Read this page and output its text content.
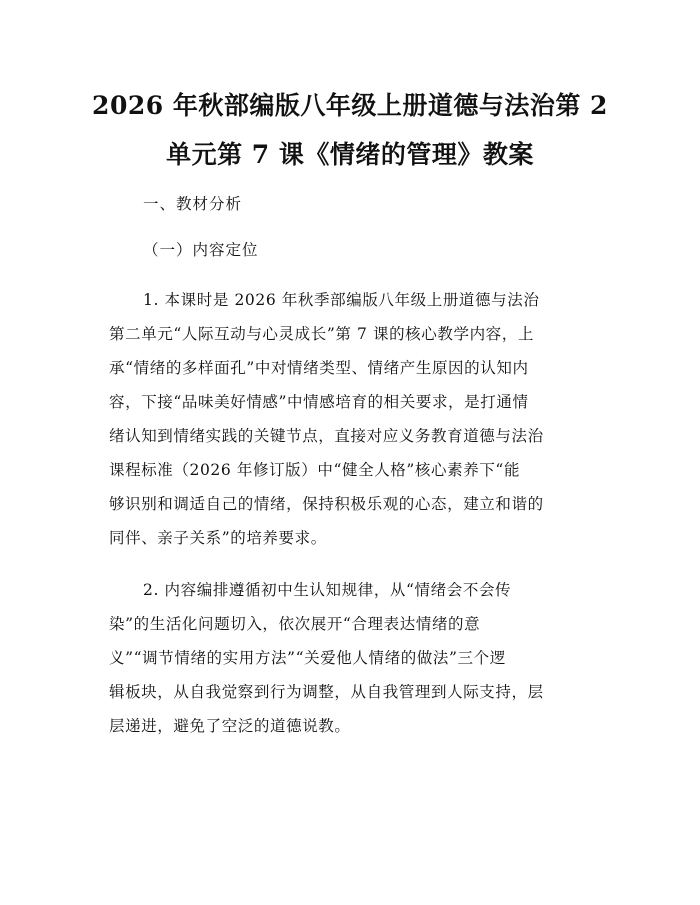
2026 年秋部编版八年级上册道德与法治第 2
单元第 7 课《情绪的管理》教案
一、教材分析
（一）内容定位
1. 本课时是 2026 年秋季部编版八年级上册道德与法治
第二单元“人际互动与心灵成长”第 7 课的核心教学内容，上
承“情绪的多样面孔”中对情绪类型、情绪产生原因的认知内
容，下接“品味美好情感”中情感培育的相关要求，是打通情
绪认知到情绪实践的关键节点，直接对应义务教育道德与法治
课程标准（2026 年修订版）中“健全人格”核心素养下“能
够识别和调适自己的情绪，保持积极乐观的心态，建立和谐的
同伴、亲子关系”的培养要求。
2. 内容编排遵循初中生认知规律，从“情绪会不会传
染”的生活化问题切入，依次展开“合理表达情绪的意
义”“调节情绪的实用方法”“关爱他人情绪的做法”三个逻
辑板块，从自我觉察到行为调整，从自我管理到人际支持，层
层递进，避免了空泛的道德说教。
